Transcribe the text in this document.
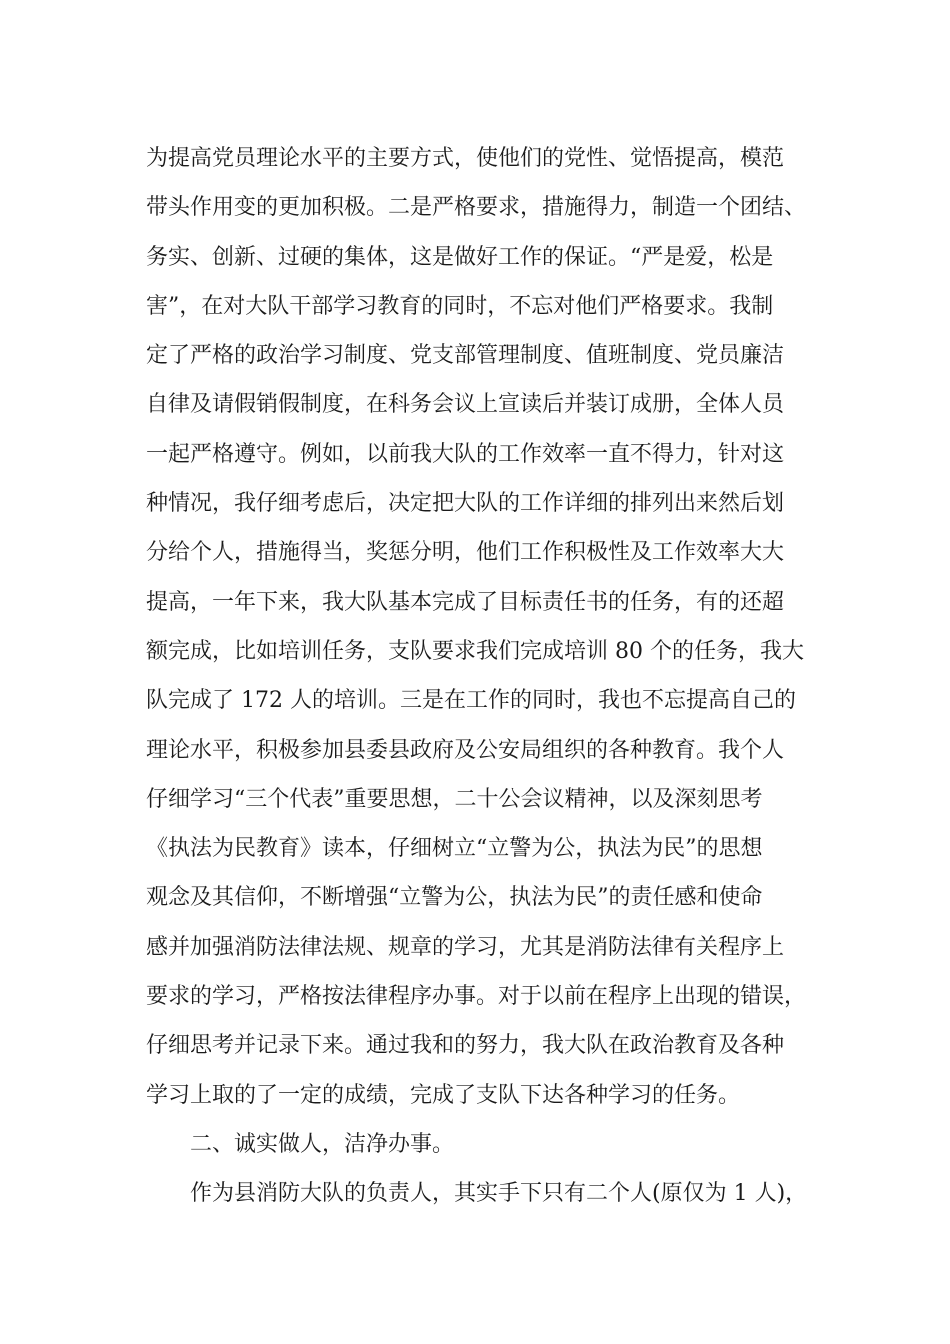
为提高党员理论水平的主要方式，使他们的党性、觉悟提高，模范
带头作用变的更加积极。二是严格要求，措施得力，制造一个团结、
务实、创新、过硬的集体，这是做好工作的保证。“严是爱，松是
害”，在对大队干部学习教育的同时，不忘对他们严格要求。我制
定了严格的政治学习制度、党支部管理制度、值班制度、党员廉洁
自律及请假销假制度，在科务会议上宣读后并装订成册，全体人员
一起严格遵守。例如，以前我大队的工作效率一直不得力，针对这
种情况，我仔细考虑后，决定把大队的工作详细的排列出来然后划
分给个人，措施得当，奖惩分明，他们工作积极性及工作效率大大
提高，一年下来，我大队基本完成了目标责任书的任务，有的还超
额完成，比如培训任务，支队要求我们完成培训 80 个的任务，我大
队完成了 172 人的培训。三是在工作的同时，我也不忘提高自己的
理论水平，积极参加县委县政府及公安局组织的各种教育。我个人
仔细学习“三个代表”重要思想，二十公会议精神，以及深刻思考
《执法为民教育》读本，仔细树立“立警为公，执法为民”的思想
观念及其信仰，不断增强“立警为公，执法为民”的责任感和使命
感并加强消防法律法规、规章的学习，尤其是消防法律有关程序上
要求的学习，严格按法律程序办事。对于以前在程序上出现的错误，
仔细思考并记录下来。通过我和的努力，我大队在政治教育及各种
学习上取的了一定的成绩，完成了支队下达各种学习的任务。
二、诚实做人，洁净办事。
作为县消防大队的负责人，其实手下只有二个人(原仅为 1 人)，
